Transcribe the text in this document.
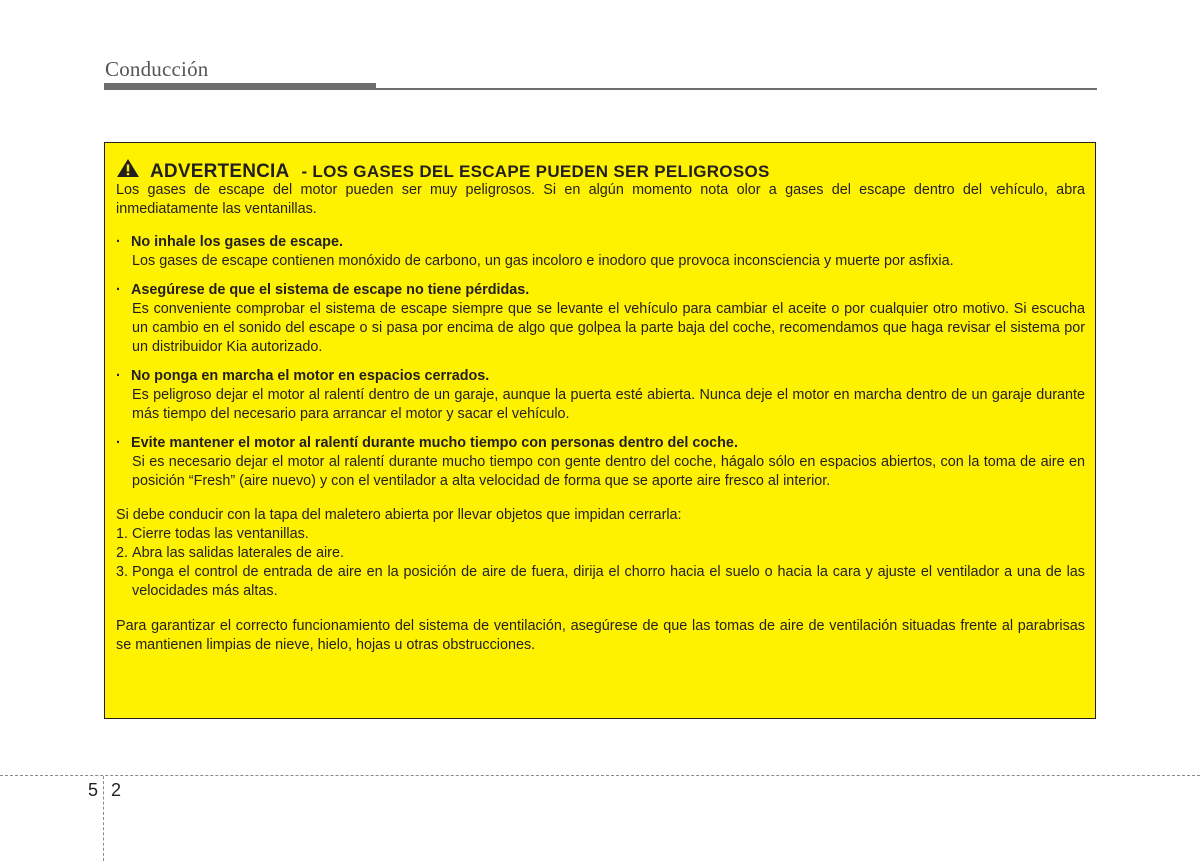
Conducción
ADVERTENCIA - LOS GASES DEL ESCAPE PUEDEN SER PELIGROSOS

Los gases de escape del motor pueden ser muy peligrosos. Si en algún momento nota olor a gases del escape dentro del vehículo, abra inmediatamente las ventanillas.

· No inhale los gases de escape.
Los gases de escape contienen monóxido de carbono, un gas incoloro e inodoro que provoca inconsciencia y muerte por asfixia.
· Asegúrese de que el sistema de escape no tiene pérdidas.
Es conveniente comprobar el sistema de escape siempre que se levante el vehículo para cambiar el aceite o por cualquier otro motivo. Si escucha un cambio en el sonido del escape o si pasa por encima de algo que golpea la parte baja del coche, recomendamos que haga revisar el sistema por un distribuidor Kia autorizado.
· No ponga en marcha el motor en espacios cerrados.
Es peligroso dejar el motor al ralentí dentro de un garaje, aunque la puerta esté abierta. Nunca deje el motor en marcha dentro de un garaje durante más tiempo del necesario para arrancar el motor y sacar el vehículo.
· Evite mantener el motor al ralentí durante mucho tiempo con personas dentro del coche.
Si es necesario dejar el motor al ralentí durante mucho tiempo con gente dentro del coche, hágalo sólo en espacios abiertos, con la toma de aire en posición “Fresh” (aire nuevo) y con el ventilador a alta velocidad de forma que se aporte aire fresco al interior.
Si debe conducir con la tapa del maletero abierta por llevar objetos que impidan cerrarla:
1. Cierre todas las ventanillas.
2. Abra las salidas laterales de aire.
3. Ponga el control de entrada de aire en la posición de aire de fuera, dirija el chorro hacia el suelo o hacia la cara y ajuste el ventilador a una de las velocidades más altas.
Para garantizar el correcto funcionamiento del sistema de ventilación, asegúrese de que las tomas de aire de ventilación situadas frente al parabrisas se mantienen limpias de nieve, hielo, hojas u otras obstrucciones.
5 2
